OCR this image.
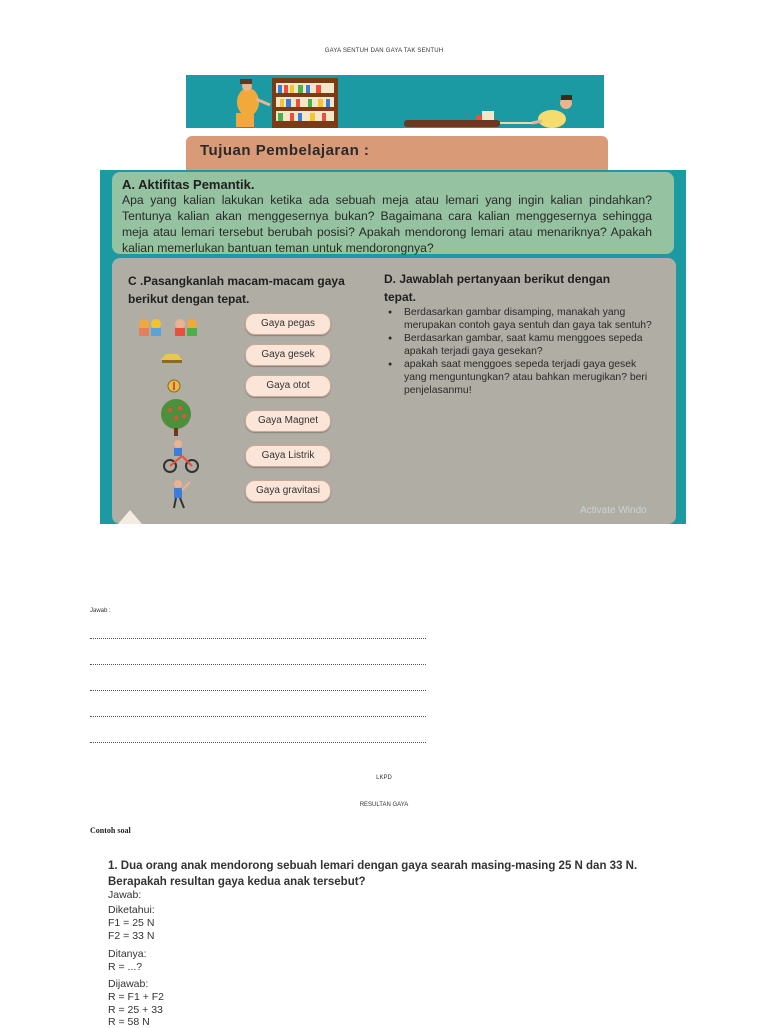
GAYA SENTUH DAN GAYA TAK SENTUH
Tujuan Pembelajaran :
A. Aktifitas Pemantik.
Apa yang kalian lakukan ketika ada sebuah meja atau lemari yang ingin kalian pindahkan? Tentunya kalian akan menggesernya bukan? Bagaimana cara kalian menggesernya sehingga meja atau lemari tersebut berubah posisi? Apakah mendorong lemari atau menariknya? Apakah kalian memerlukan bantuan teman untuk mendorongnya?
C .Pasangkanlah macam-macam gaya berikut dengan tepat.
D. Jawablah pertanyaan berikut dengan tepat.
Gaya pegas
Gaya gesek
Gaya otot
Gaya Magnet
Gaya Listrik
Gaya gravitasi
● Berdasarkan gambar disamping, manakah yang merupakan contoh gaya sentuh dan gaya tak sentuh?
● Berdasarkan gambar, saat kamu menggoes sepeda apakah terjadi gaya gesekan?
● apakah saat menggoes sepeda terjadi gaya gesek yang menguntungkan? atau bahkan merugikan? beri penjelasanmu!
Activate Windo
Jawab :
LKPD
RESULTAN GAYA
Contoh soal
1. Dua orang anak mendorong sebuah lemari dengan gaya searah masing-masing 25 N dan 33 N. Berapakah resultan gaya kedua anak tersebut?
Jawab:
Diketahui:
F1 = 25 N
F2 = 33 N
Ditanya:
R = ...?
Dijawab:
R = F1 + F2
R = 25 + 33
R = 58 N
